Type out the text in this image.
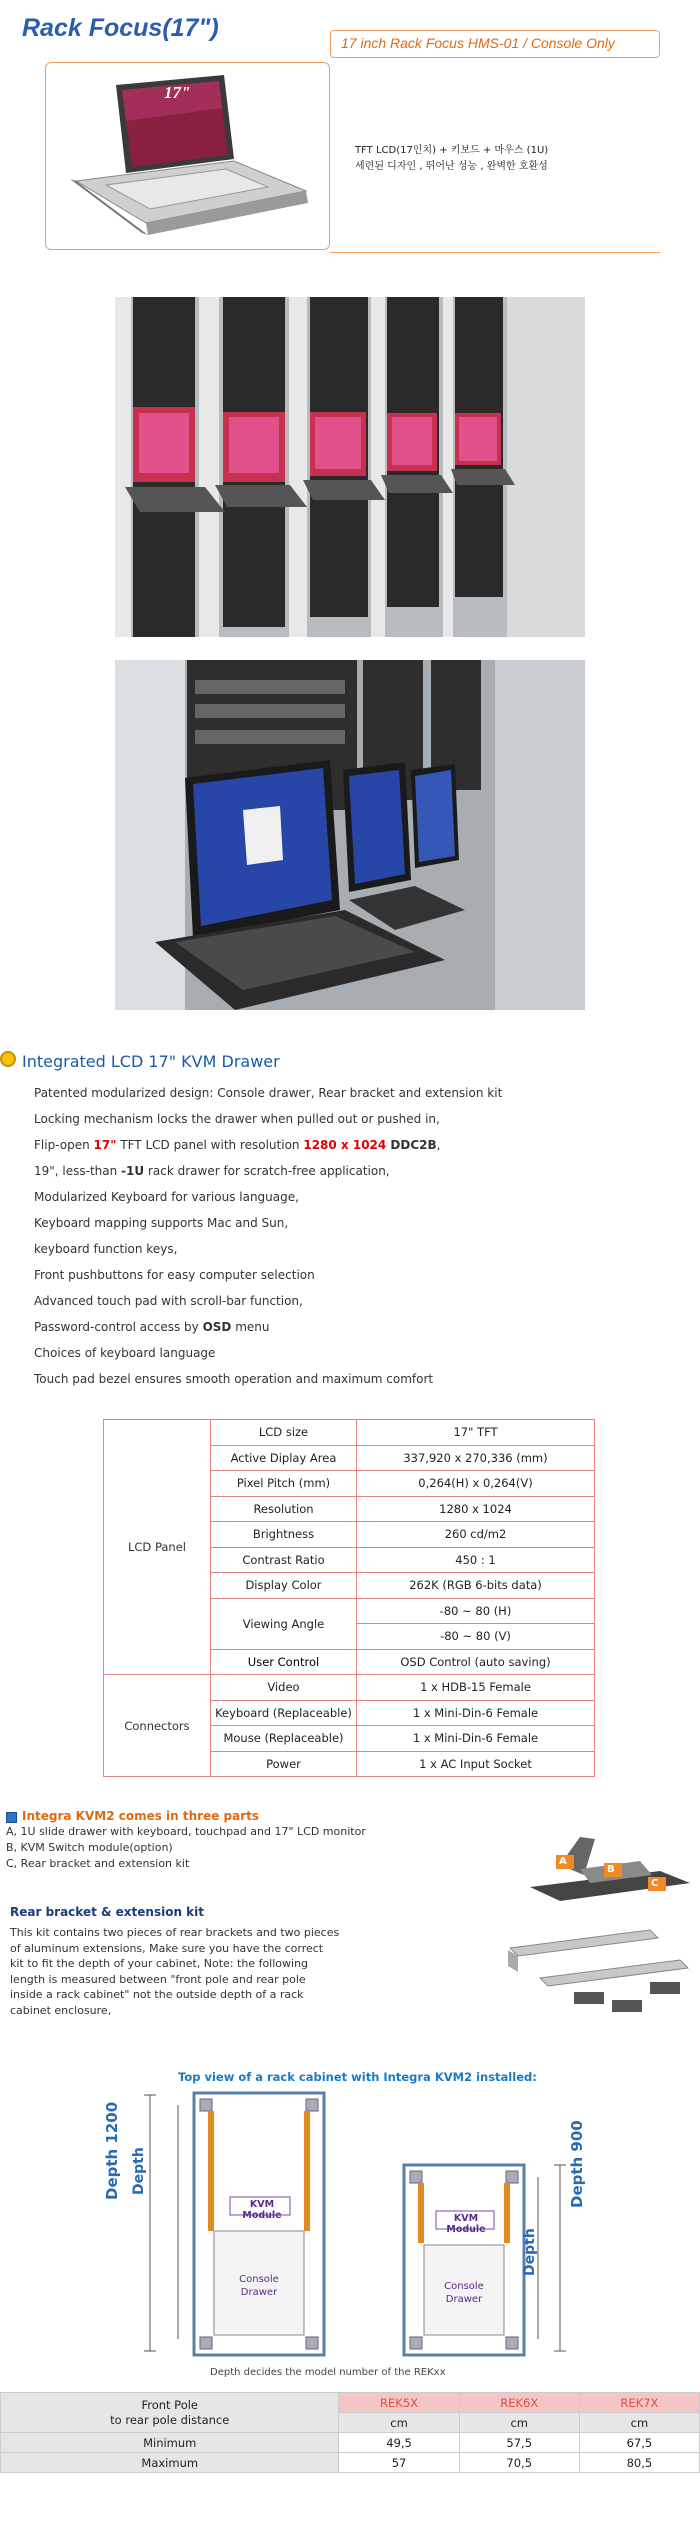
Rack Focus(17")
17 inch Rack Focus HMS-01 / Console Only
17"
TFT LCD(17인치) + 키보드 + 마우스 (1U)
세련된 디자인 , 뛰어난 성능 , 완벽한 호환성
Integrated LCD 17" KVM Drawer
Patented modularized design: Console drawer, Rear bracket and extension kit
Locking mechanism locks the drawer when pulled out or pushed in,
Flip-open 17" TFT LCD panel with resolution 1280 x 1024 DDC2B,
19", less-than -1U rack drawer for scratch-free application,
Modularized Keyboard for various language,
Keyboard mapping supports Mac and Sun,
keyboard function keys,
Front pushbuttons for easy computer selection
Advanced touch pad with scroll-bar function,
Password-control access by OSD menu
Choices of keyboard language
Touch pad bezel ensures smooth operation and maximum comfort
LCD Panel	LCD size	17" TFT
	Active Diplay Area	337,920 x 270,336 (mm)
	Pixel Pitch (mm)	0,264(H) x 0,264(V)
	Resolution	1280 x 1024
	Brightness	260 cd/m2
	Contrast Ratio	450 : 1
	Display Color	262K (RGB 6-bits data)
	Viewing Angle	-80 ~ 80 (H)
		-80 ~ 80 (V)
	User Control	OSD Control (auto saving)
Connectors	Video	1 x HDB-15 Female
	Keyboard (Replaceable)	1 x Mini-Din-6 Female
	Mouse (Replaceable)	1 x Mini-Din-6 Female
	Power	1 x AC Input Socket
Integra KVM2 comes in three parts
A, 1U slide drawer with keyboard, touchpad and 17" LCD monitor
B, KVM Switch module(option)
C, Rear bracket and extension kit	A
B
C
Rear bracket & extension kit
This kit contains two pieces of rear brackets and two pieces of aluminum extensions, Make sure you have the correct kit to fit the depth of your cabinet, Note: the following length is measured between "front pole and rear pole inside a rack cabinet" not the outside depth of a rack cabinet enclosure,
Top view of a rack cabinet with Integra KVM2 installed:
Depth 1200 Depth	Depth 900
Depth
KVM Module	KVM Module
Console
Drawer
Console
Drawer
Depth decides the model number of the REKxx
Front Pole
to rear pole distance	REK5X	REK6X	REK7X
	cm	cm	cm
Minimum	49,5	57,5	67,5
Maximum	57	70,5	80,5
